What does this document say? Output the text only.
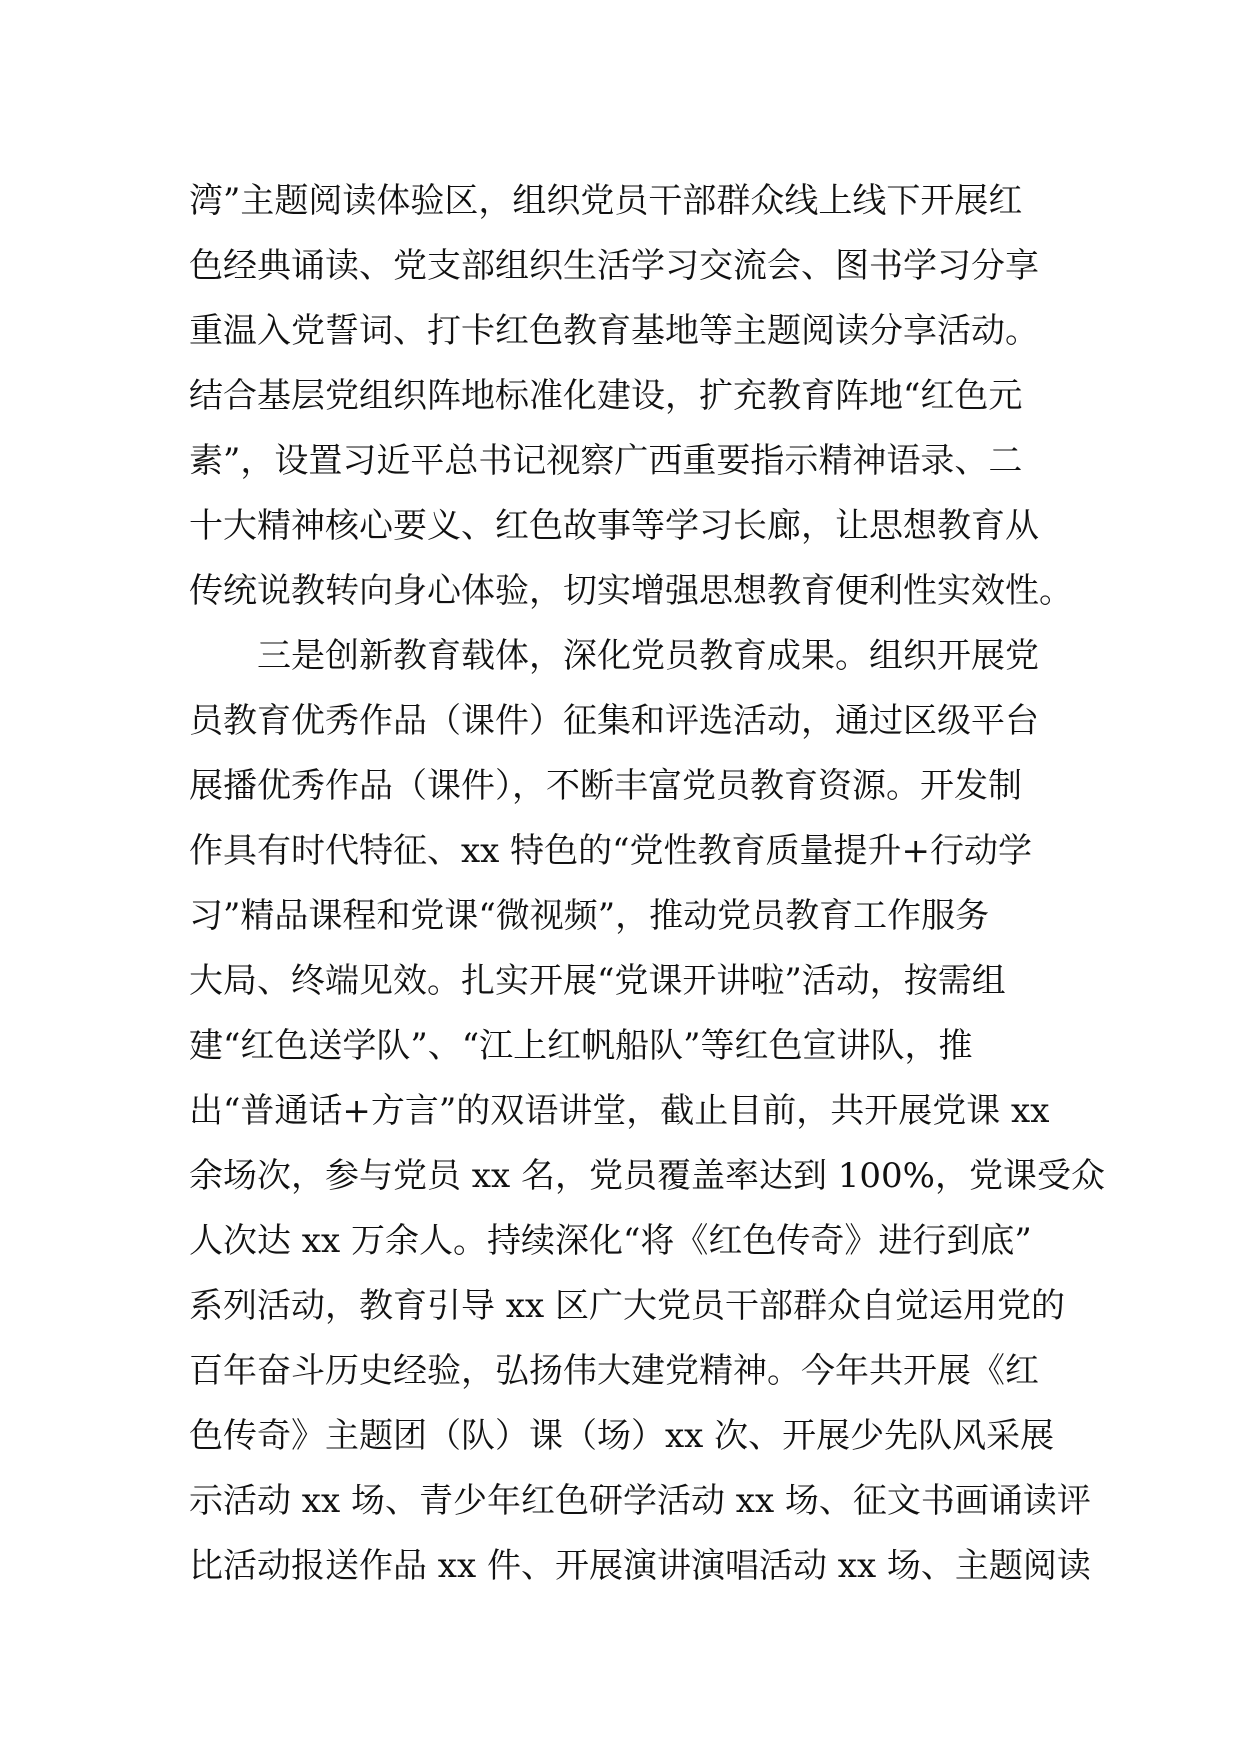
湾”主题阅读体验区，组织党员干部群众线上线下开展红
色经典诵读、党支部组织生活学习交流会、图书学习分享
重温入党誓词、打卡红色教育基地等主题阅读分享活动。
结合基层党组织阵地标准化建设，扩充教育阵地“红色元
素”，设置习近平总书记视察广西重要指示精神语录、二
十大精神核心要义、红色故事等学习长廊，让思想教育从
传统说教转向身心体验，切实增强思想教育便利性实效性。
三是创新教育载体，深化党员教育成果。组织开展党
员教育优秀作品（课件）征集和评选活动，通过区级平台
展播优秀作品（课件），不断丰富党员教育资源。开发制
作具有时代特征、xx 特色的“党性教育质量提升+行动学
习”精品课程和党课“微视频”，推动党员教育工作服务
大局、终端见效。扎实开展“党课开讲啦”活动，按需组
建“红色送学队”、“江上红帆船队”等红色宣讲队，推
出“普通话+方言”的双语讲堂，截止目前，共开展党课 xx
余场次，参与党员 xx 名，党员覆盖率达到 100%，党课受众
人次达 xx 万余人。持续深化“将《红色传奇》进行到底”
系列活动，教育引导 xx 区广大党员干部群众自觉运用党的
百年奋斗历史经验，弘扬伟大建党精神。今年共开展《红
色传奇》主题团（队）课（场）xx 次、开展少先队风采展
示活动 xx 场、青少年红色研学活动 xx 场、征文书画诵读评
比活动报送作品 xx 件、开展演讲演唱活动 xx 场、主题阅读
